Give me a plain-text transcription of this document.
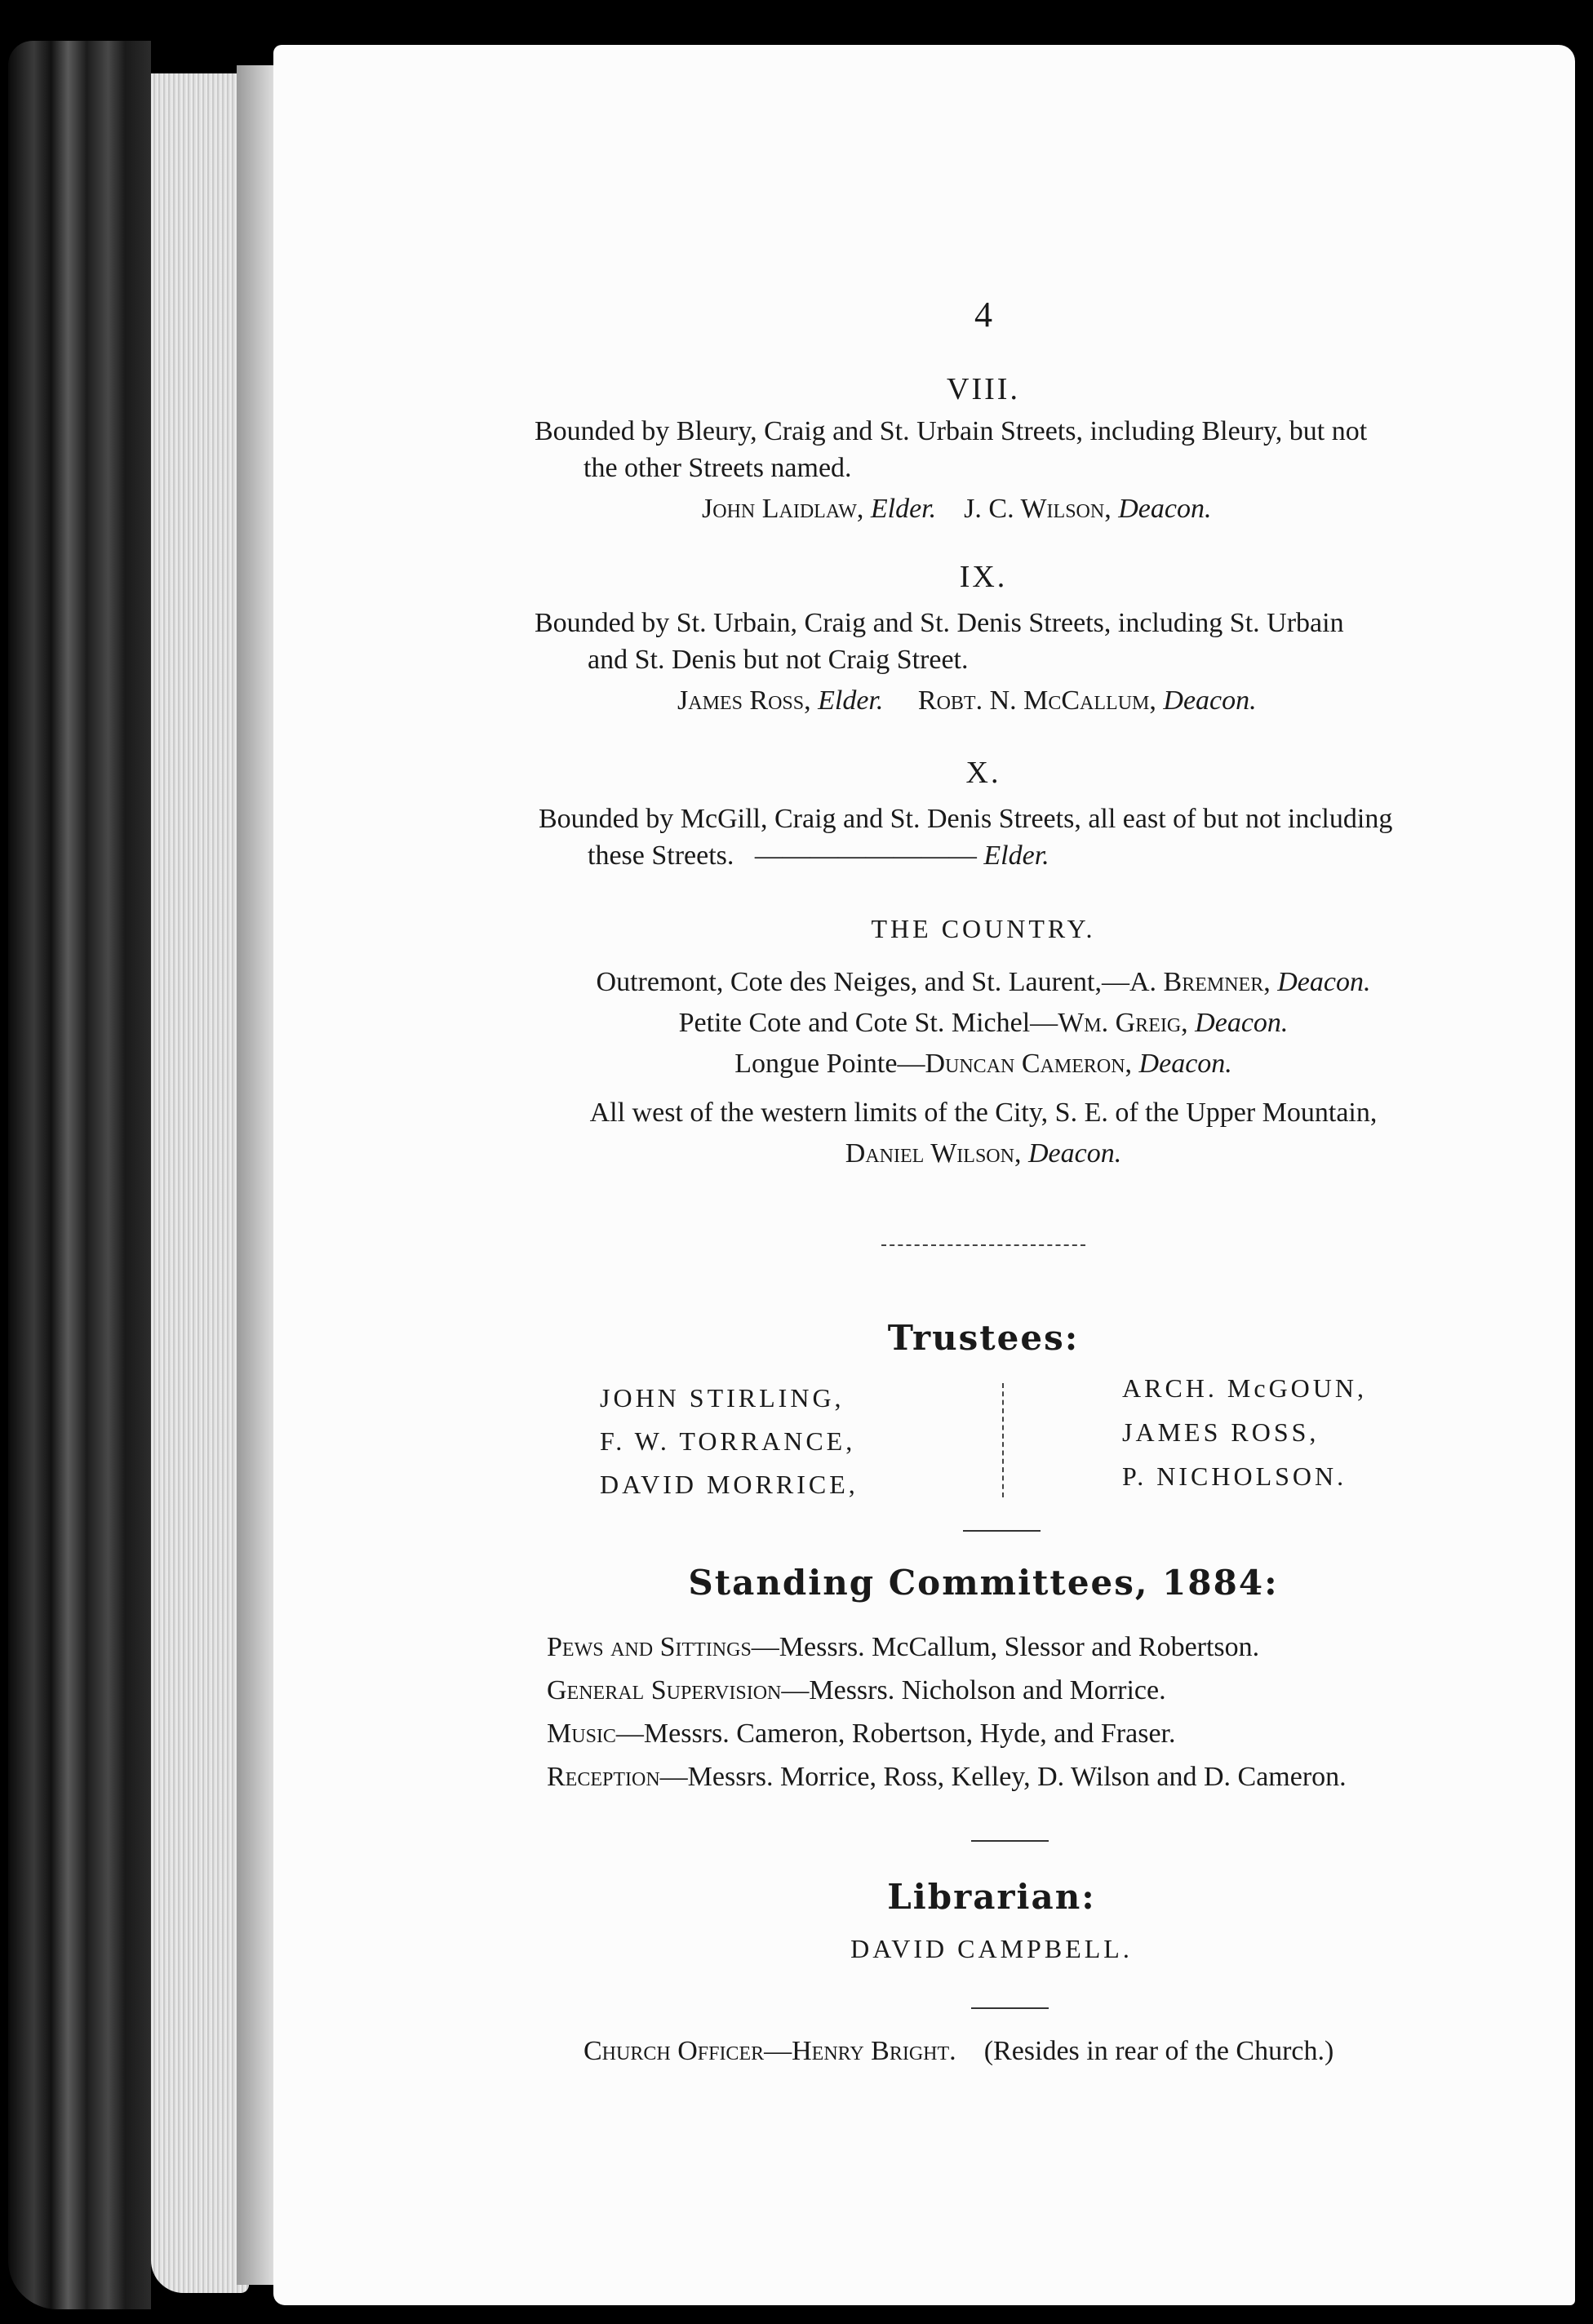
4
VIII.
Bounded by Bleury, Craig and St. Urbain Streets, including Bleury, but not
the other Streets named.
John Laidlaw, Elder. J. C. Wilson, Deacon.
IX.
Bounded by St. Urbain, Craig and St. Denis Streets, including St. Urbain
and St. Denis but not Craig Street.
James Ross, Elder. Robt. N. McCallum, Deacon.
X.
Bounded by McGill, Craig and St. Denis Streets, all east of but not including
these Streets. ———————— Elder.
THE COUNTRY.
Outremont, Cote des Neiges, and St. Laurent,—A. Bremner, Deacon.
Petite Cote and Cote St. Michel—Wm. Greig, Deacon.
Longue Pointe—Duncan Cameron, Deacon.
All west of the western limits of the City, S. E. of the Upper Mountain,
Daniel Wilson, Deacon.
Trustees:
JOHN STIRLING,
F. W. TORRANCE,
DAVID MORRICE,
ARCH. McGOUN,
JAMES ROSS,
P. NICHOLSON.
Standing Committees, 1884:
Pews and Sittings—Messrs. McCallum, Slessor and Robertson.
General Supervision—Messrs. Nicholson and Morrice.
Music—Messrs. Cameron, Robertson, Hyde, and Fraser.
Reception—Messrs. Morrice, Ross, Kelley, D. Wilson and D. Cameron.
Librarian:
DAVID CAMPBELL.
Church Officer—Henry Bright. (Resides in rear of the Church.)
